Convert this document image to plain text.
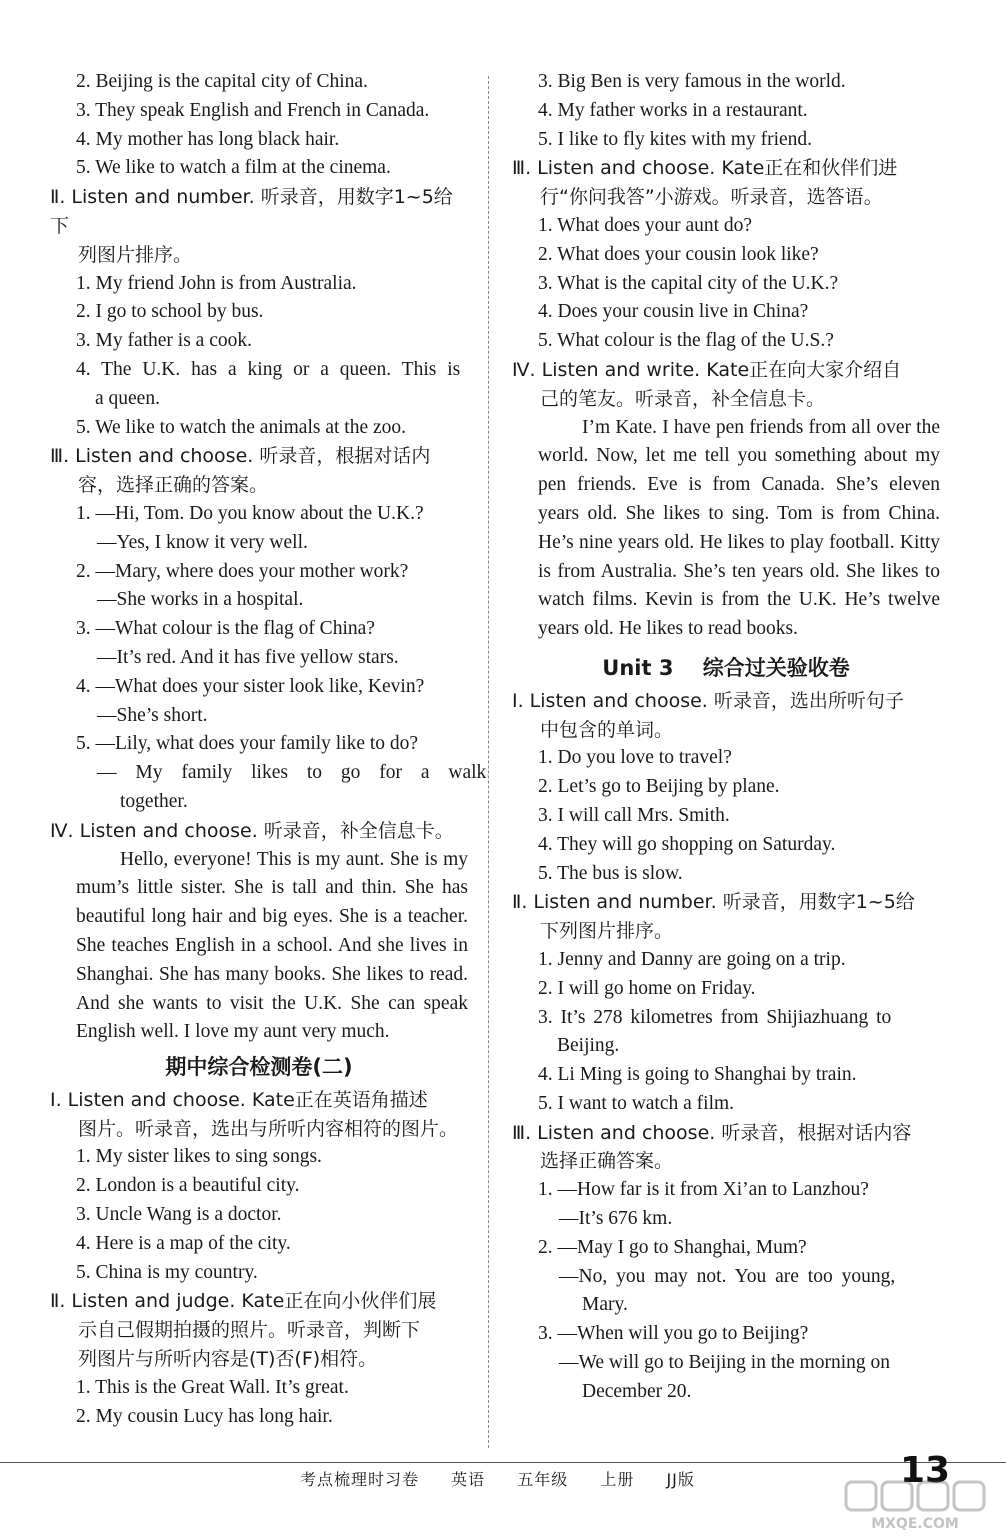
2. Beijing is the capital city of China.
3. They speak English and French in Canada.
4. My mother has long black hair.
5. We like to watch a film at the cinema.
Ⅱ. Listen and number. 听录音，用数字1~5给下
列图片排序。
1. My friend John is from Australia.
2. I go to school by bus.
3. My father is a cook.
4. The U.K. has a king or a queen. This is
a queen.
5. We like to watch the animals at the zoo.
Ⅲ. Listen and choose. 听录音，根据对话内
容，选择正确的答案。
1. —Hi, Tom. Do you know about the U.K.?
—Yes, I know it very well.
2. —Mary, where does your mother work?
—She works in a hospital.
3. —What colour is the flag of China?
—It’s red. And it has five yellow stars.
4. —What does your sister look like, Kevin?
—She’s short.
5. —Lily, what does your family like to do?
— My family likes to go for a walk
together.
Ⅳ. Listen and choose. 听录音，补全信息卡。
Hello, everyone! This is my aunt. She is my mum’s little sister. She is tall and thin. She has beautiful long hair and big eyes. She is a teacher. She teaches English in a school. And she lives in Shanghai. She has many books. She likes to read. And she wants to visit the U.K. She can speak English well. I love my aunt very much.
期中综合检测卷(二)
Ⅰ. Listen and choose. Kate正在英语角描述
图片。听录音，选出与所听内容相符的图片。
1. My sister likes to sing songs.
2. London is a beautiful city.
3. Uncle Wang is a doctor.
4. Here is a map of the city.
5. China is my country.
Ⅱ. Listen and judge. Kate正在向小伙伴们展
示自己假期拍摄的照片。听录音，判断下
列图片与所听内容是(T)否(F)相符。
1. This is the Great Wall. It’s great.
2. My cousin Lucy has long hair.
3. Big Ben is very famous in the world.
4. My father works in a restaurant.
5. I like to fly kites with my friend.
Ⅲ. Listen and choose. Kate正在和伙伴们进
行“你问我答”小游戏。听录音，选答语。
1. What does your aunt do?
2. What does your cousin look like?
3. What is the capital city of the U.K.?
4. Does your cousin live in China?
5. What colour is the flag of the U.S.?
Ⅳ. Listen and write. Kate正在向大家介绍自
己的笔友。听录音，补全信息卡。
I’m Kate. I have pen friends from all over the world. Now, let me tell you something about my pen friends. Eve is from Canada. She’s eleven years old. She likes to sing. Tom is from China. He’s nine years old. He likes to play football. Kitty is from Australia. She’s ten years old. She likes to watch films. Kevin is from the U.K. He’s twelve years old. He likes to read books.
Unit 3    综合过关验收卷
Ⅰ. Listen and choose. 听录音，选出所听句子
中包含的单词。
1. Do you love to travel?
2. Let’s go to Beijing by plane.
3. I will call Mrs. Smith.
4. They will go shopping on Saturday.
5. The bus is slow.
Ⅱ. Listen and number. 听录音，用数字1~5给
下列图片排序。
1. Jenny and Danny are going on a trip.
2. I will go home on Friday.
3. It’s 278 kilometres from Shijiazhuang to
Beijing.
4. Li Ming is going to Shanghai by train.
5. I want to watch a film.
Ⅲ. Listen and choose. 听录音，根据对话内容
选择正确答案。
1. —How far is it from Xi’an to Lanzhou?
—It’s 676 km.
2. —May I go to Shanghai, Mum?
—No, you may not. You are too young,
Mary.
3. —When will you go to Beijing?
—We will go to Beijing in the morning on
December 20.
考点梳理时习卷 英语 五年级 上册 JJ版	13
MXQE.COM
